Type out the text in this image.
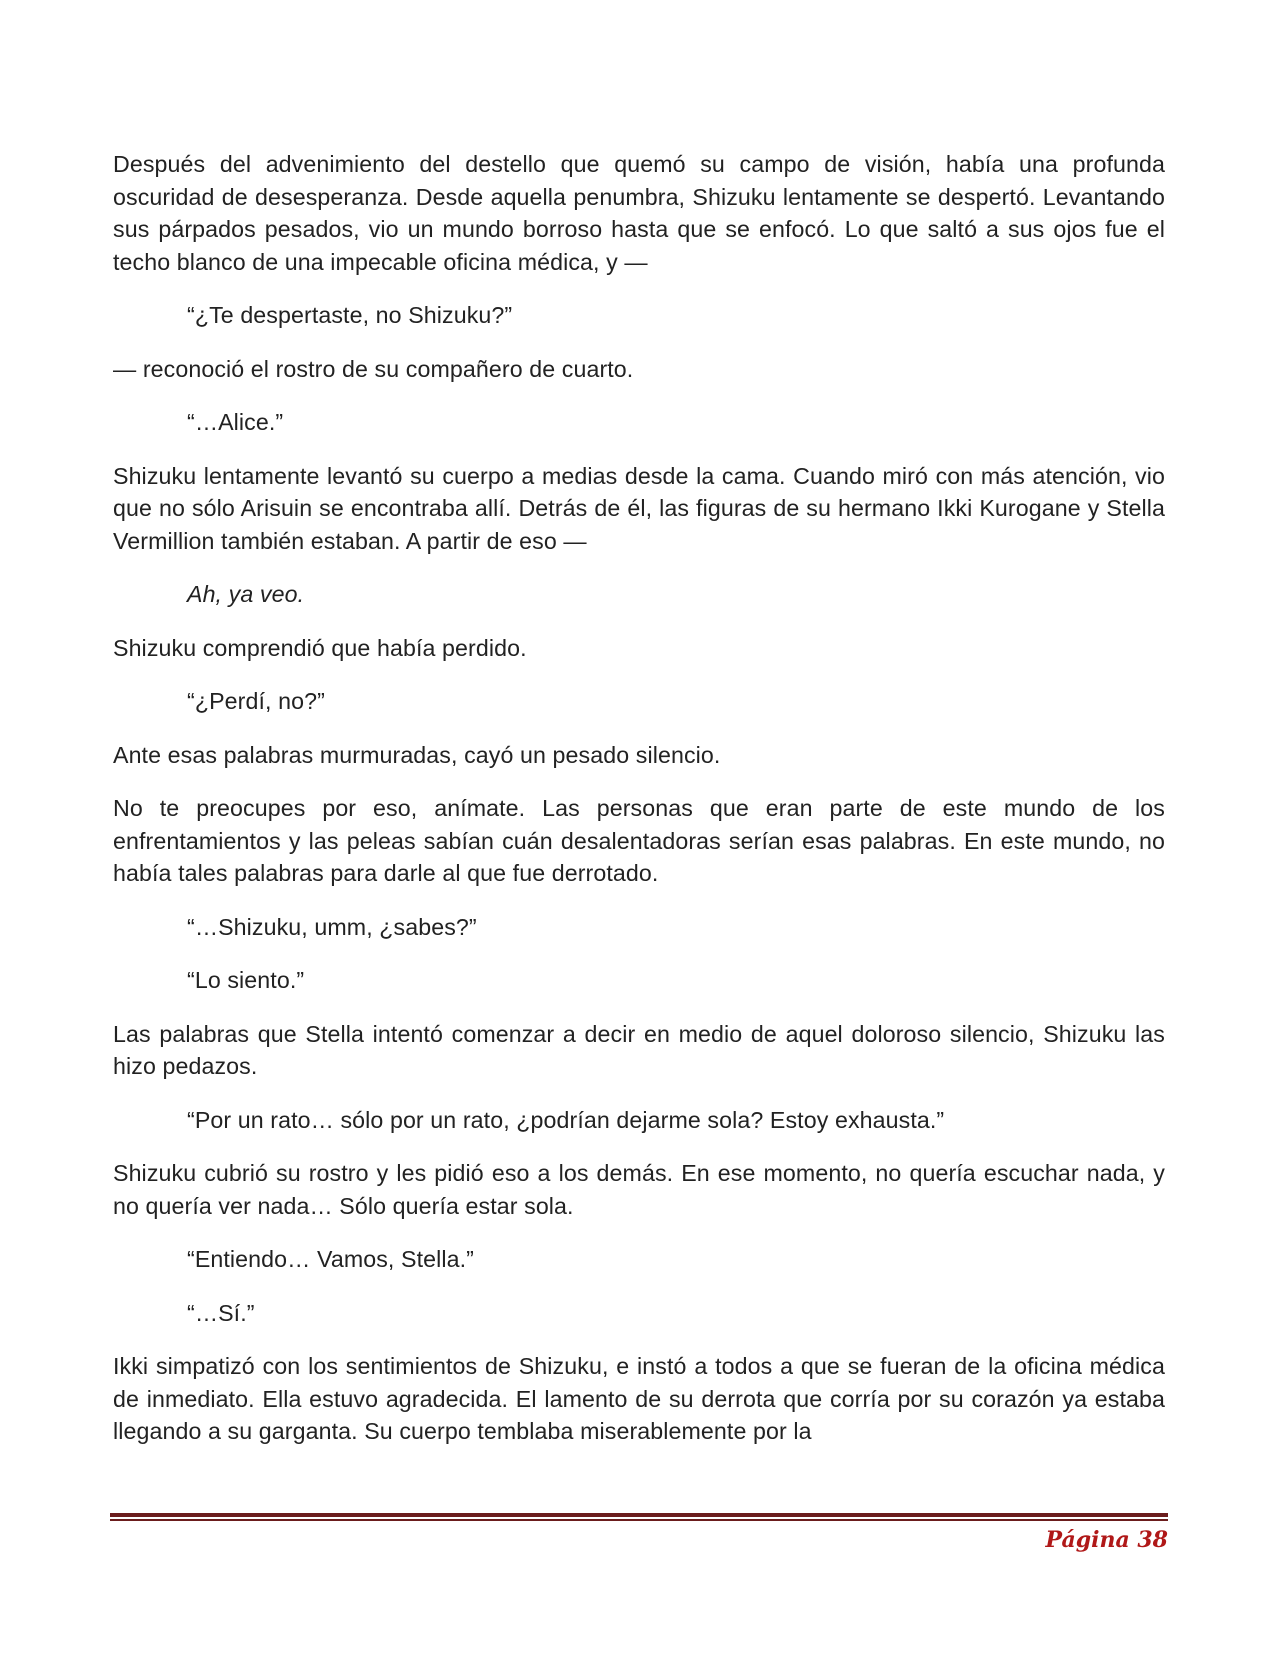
Después del advenimiento del destello que quemó su campo de visión, había una profunda oscuridad de desesperanza. Desde aquella penumbra, Shizuku lentamente se despertó. Levantando sus párpados pesados, vio un mundo borroso hasta que se enfocó. Lo que saltó a sus ojos fue el techo blanco de una impecable oficina médica, y —

“¿Te despertaste, no Shizuku?”

— reconoció el rostro de su compañero de cuarto.

“…Alice.”

Shizuku lentamente levantó su cuerpo a medias desde la cama. Cuando miró con más atención, vio que no sólo Arisuin se encontraba allí. Detrás de él, las figuras de su hermano Ikki Kurogane y Stella Vermillion también estaban. A partir de eso —

Ah, ya veo.

Shizuku comprendió que había perdido.

“¿Perdí, no?”

Ante esas palabras murmuradas, cayó un pesado silencio.

No te preocupes por eso, anímate. Las personas que eran parte de este mundo de los enfrentamientos y las peleas sabían cuán desalentadoras serían esas palabras. En este mundo, no había tales palabras para darle al que fue derrotado.

“…Shizuku, umm, ¿sabes?”

“Lo siento.”

Las palabras que Stella intentó comenzar a decir en medio de aquel doloroso silencio, Shizuku las hizo pedazos.

“Por un rato… sólo por un rato, ¿podrían dejarme sola? Estoy exhausta.”

Shizuku cubrió su rostro y les pidió eso a los demás. En ese momento, no quería escuchar nada, y no quería ver nada… Sólo quería estar sola.

“Entiendo… Vamos, Stella.”

“…Sí.”

Ikki simpatizó con los sentimientos de Shizuku, e instó a todos a que se fueran de la oficina médica de inmediato. Ella estuvo agradecida. El lamento de su derrota que corría por su corazón ya estaba llegando a su garganta. Su cuerpo temblaba miserablemente por la

Página 38
